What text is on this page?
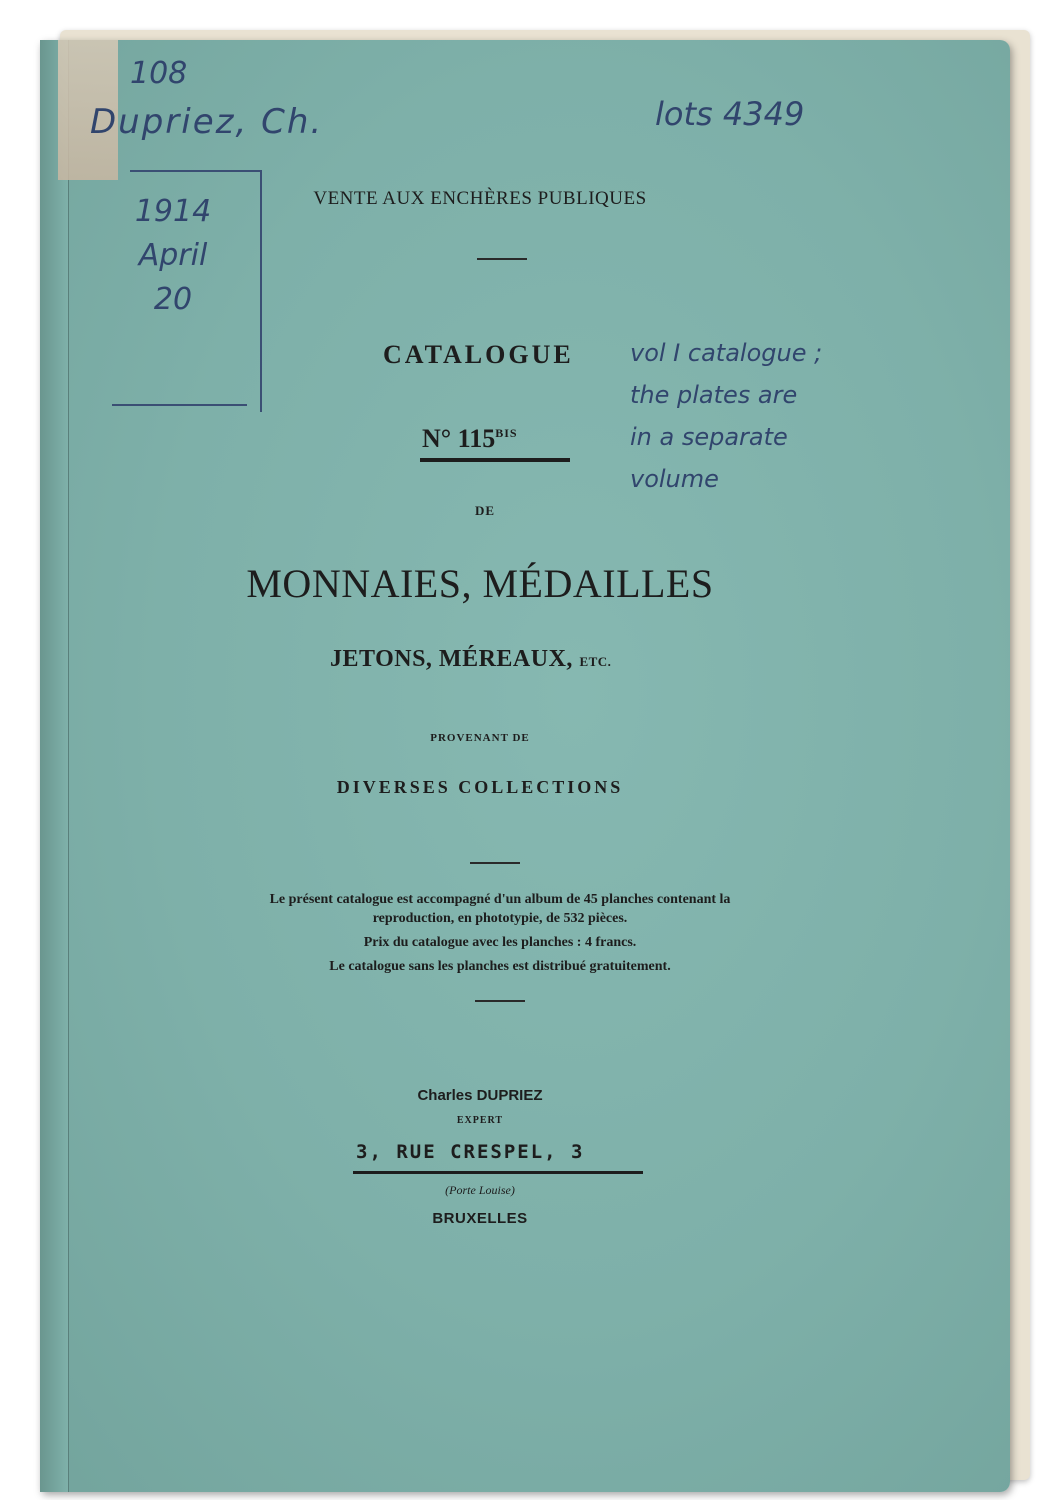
VENTE AUX ENCHÈRES PUBLIQUES
CATALOGUE
N° $115^{BIS}$
DE
MONNAIES, MÉDAILLES
JETONS, MÉREAUX, ETC.
PROVENANT DE
DIVERSES COLLECTIONS

Le présent catalogue est accompagné d'un album de 45 planches contenant la reproduction, en phototypie, de 532 pièces.

Prix du catalogue avec les planches : 4 francs.

Le catalogue sans les planches est distribué gratuitement.

Charles DUPRIEZ
EXPERT
3, RUE CRESPEL, 3
(Porte Louise)
BRUXELLES
108
Dupriez, Ch.	lots 4349
1914
April
20
vol I catalogue ;
the plates are
in a separate
volume
